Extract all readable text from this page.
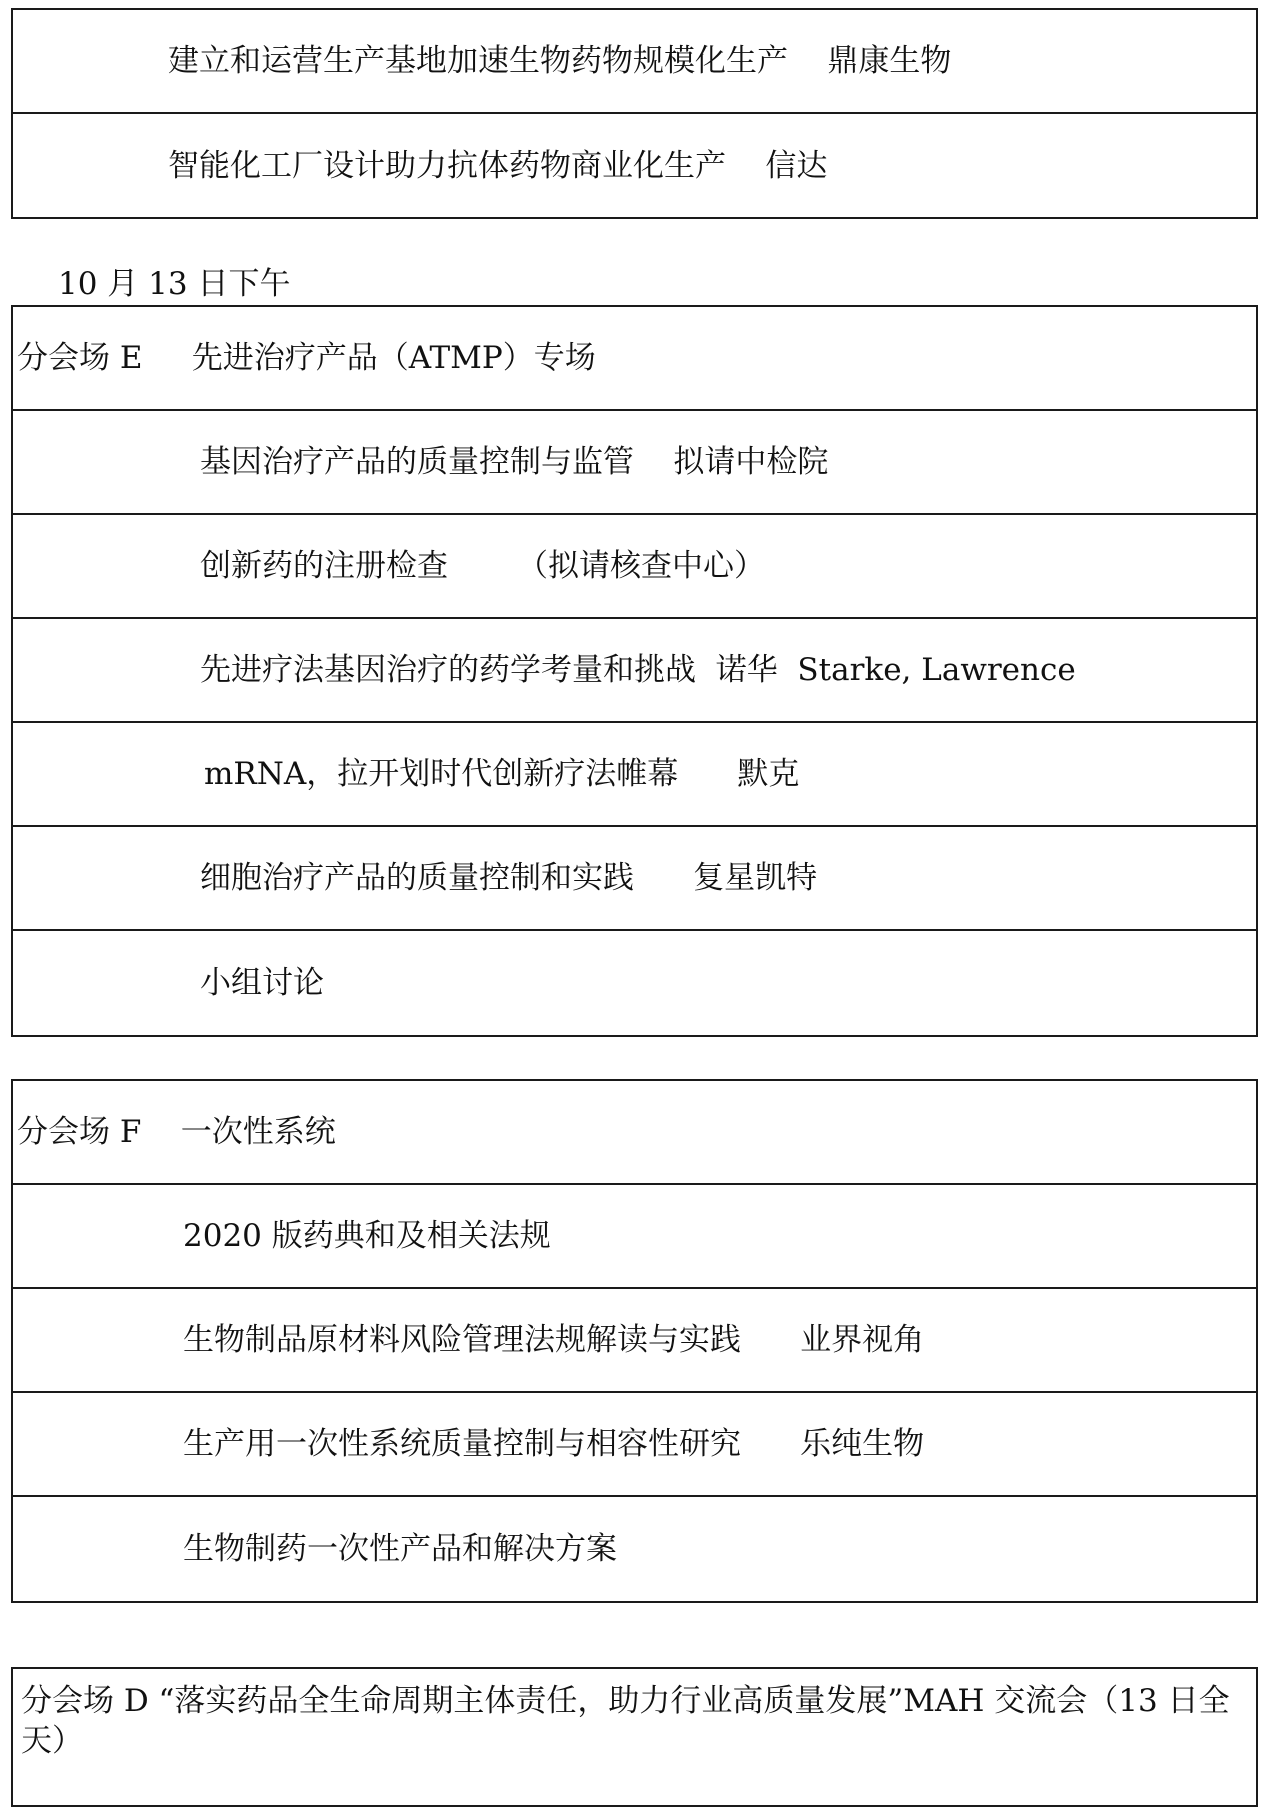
建立和运营生产基地加速生物药物规模化生产    鼎康生物
智能化工厂设计助力抗体药物商业化生产    信达
10 月 13 日下午
分会场 E     先进治疗产品（ATMP）专场
基因治疗产品的质量控制与监管    拟请中检院
创新药的注册检查       （拟请核查中心）
先进疗法基因治疗的药学考量和挑战  诺华  Starke, Lawrence
mRNA，拉开划时代创新疗法帷幕      默克
细胞治疗产品的质量控制和实践      复星凯特
小组讨论
分会场 F    一次性系统
2020 版药典和及相关法规
生物制品原材料风险管理法规解读与实践      业界视角
生产用一次性系统质量控制与相容性研究      乐纯生物
生物制药一次性产品和解决方案
分会场 D “落实药品全生命周期主体责任，助力行业高质量发展”MAH 交流会（13 日全天）
